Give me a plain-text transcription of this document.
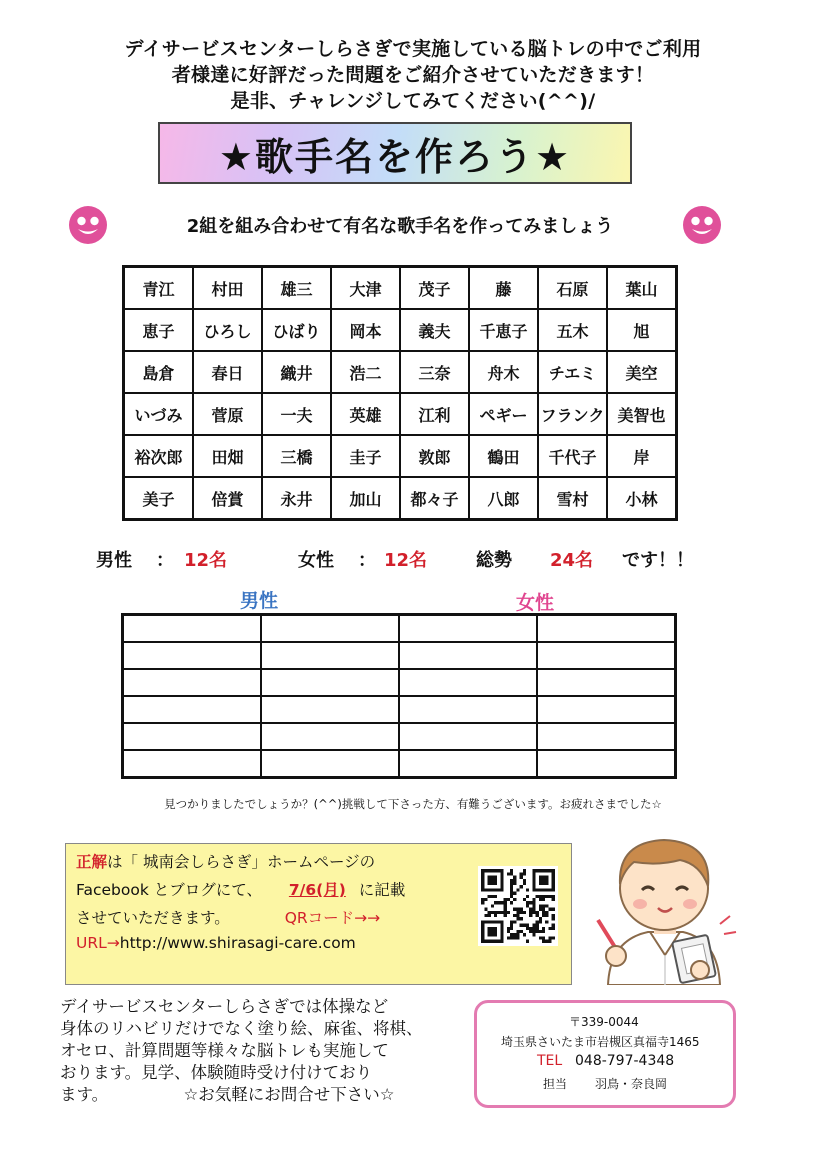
デイサービスセンターしらさぎで実施している脳トレの中でご利用
者様達に好評だった問題をご紹介させていただきます！
是非、チャレンジしてみてください(^^)/
★歌手名を作ろう★
2組を組み合わせて有名な歌手名を作ってみましょう
青江	村田	雄三	大津	茂子	藤	石原	葉山
恵子	ひろし	ひばり	岡本	義夫	千恵子	五木	旭
島倉	春日	織井	浩二	三奈	舟木	チエミ	美空
いづみ	菅原	一夫	英雄	江利	ペギー	フランク	美智也
裕次郎	田畑	三橋	圭子	敦郎	鶴田	千代子	岸
美子	倍賞	永井	加山	都々子	八郎	雪村	小林
男性 ： 12名	女性 ： 12名	総勢 24名 です！！
男性	女性

見つかりましたでしょうか？(^^)挑戦して下さった方、有難うございます。お疲れさまでした☆
正解は「 城南会しらさぎ」ホームページの
Facebook とブログにて、 7/6(月) に記載
させていただきます。	QRコード→→
URL→http://www.shirasagi-care.com
デイサービスセンターしらさぎでは体操など
身体のリハビリだけでなく塗り絵、麻雀、将棋、
オセロ、計算問題等様々な脳トレも実施して
おります。見学、体験随時受け付けており
ます。	☆お気軽にお問合せ下さい☆
〒339-0044
埼玉県さいたま市岩槻区真福寺1465
TEL 048-797-4348
担当 羽鳥・奈良岡
